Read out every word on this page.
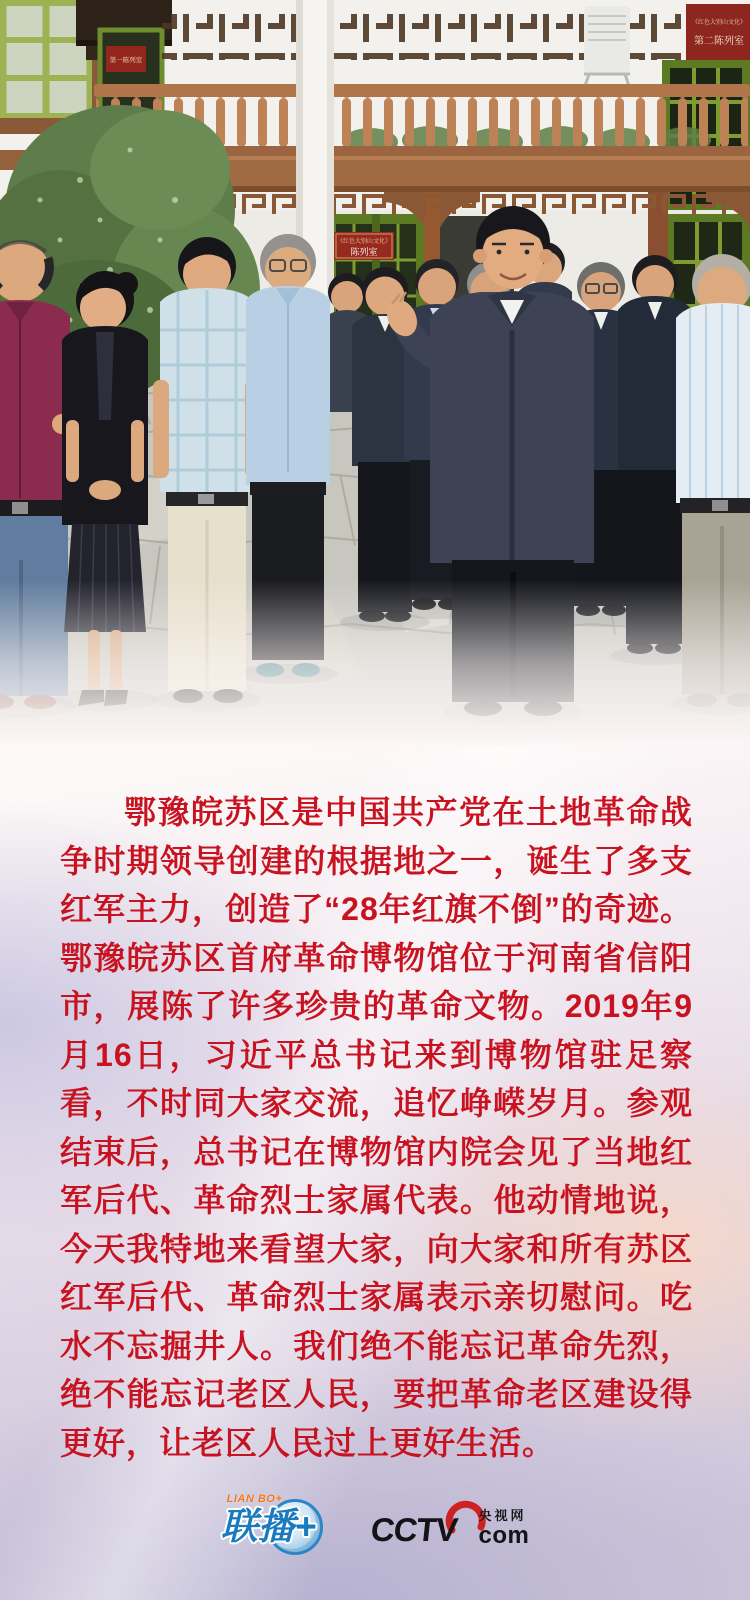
第一陈列室
《红色大别山文化》
第二陈列室
《红色大别山文化》
陈列室

鄂豫皖苏区是中国共产党在土地革命战争时期领导创建的根据地之一，诞生了多支红军主力，创造了“28年红旗不倒”的奇迹。鄂豫皖苏区首府革命博物馆位于河南省信阳市，展陈了许多珍贵的革命文物。2019年9月16日，习近平总书记来到博物馆驻足察看，不时同大家交流，追忆峥嵘岁月。参观结束后，总书记在博物馆内院会见了当地红军后代、革命烈士家属代表。他动情地说，今天我特地来看望大家，向大家和所有苏区红军后代、革命烈士家属表示亲切慰问。吃水不忘掘井人。我们绝不能忘记革命先烈，绝不能忘记老区人民，要把革命老区建设得更好，让老区人民过上更好生活。

LIAN BO+
联播+ CCTV 央视网
com
